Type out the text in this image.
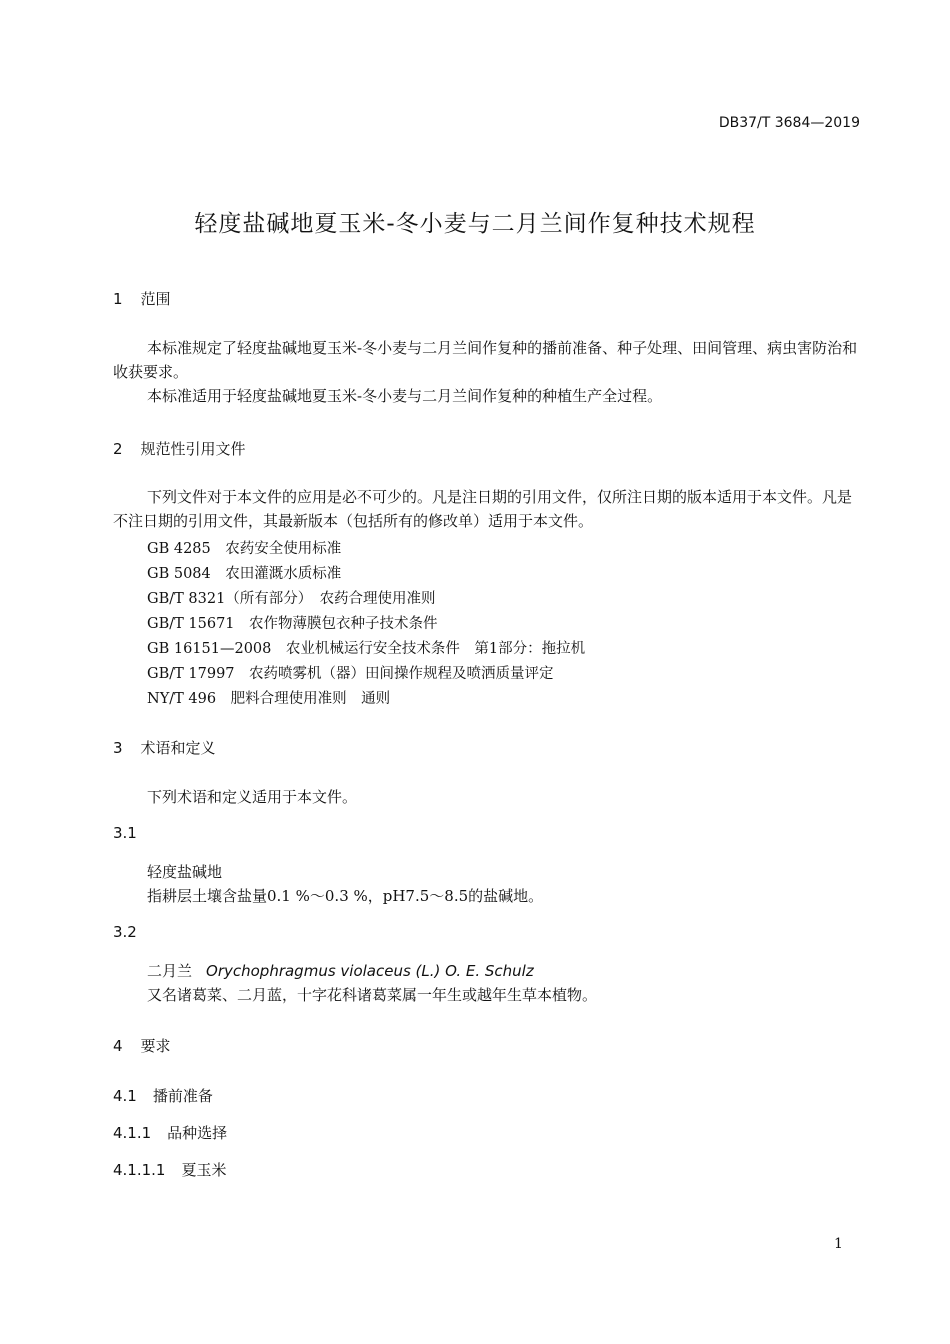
DB37/T 3684—2019
轻度盐碱地夏玉米-冬小麦与二月兰间作复种技术规程
1 范围
本标准规定了轻度盐碱地夏玉米-冬小麦与二月兰间作复种的播前准备、种子处理、田间管理、病虫害防治和收获要求。
本标准适用于轻度盐碱地夏玉米-冬小麦与二月兰间作复种的种植生产全过程。
2 规范性引用文件
下列文件对于本文件的应用是必不可少的。凡是注日期的引用文件，仅所注日期的版本适用于本文件。凡是不注日期的引用文件，其最新版本（包括所有的修改单）适用于本文件。
GB 4285　 农药安全使用标准
GB 5084　 农田灌溉水质标准
GB/T 8321（所有部分）　 农药合理使用准则
GB/T 15671　 农作物薄膜包衣种子技术条件
GB 16151—2008　 农业机械运行安全技术条件　第1部分：拖拉机
GB/T 17997　 农药喷雾机（器）田间操作规程及喷洒质量评定
NY/T 496　 肥料合理使用准则　通则
3 术语和定义
下列术语和定义适用于本文件。
3.1
轻度盐碱地
指耕层土壤含盐量0.1 %～0.3 %，pH7.5～8.5的盐碱地。
3.2
二月兰 Orychophragmus violaceus (L.) O. E. Schulz
又名诸葛菜、二月蓝，十字花科诸葛菜属一年生或越年生草本植物。
4 要求
4.1 播前准备
4.1.1 品种选择
4.1.1.1 夏玉米
1
